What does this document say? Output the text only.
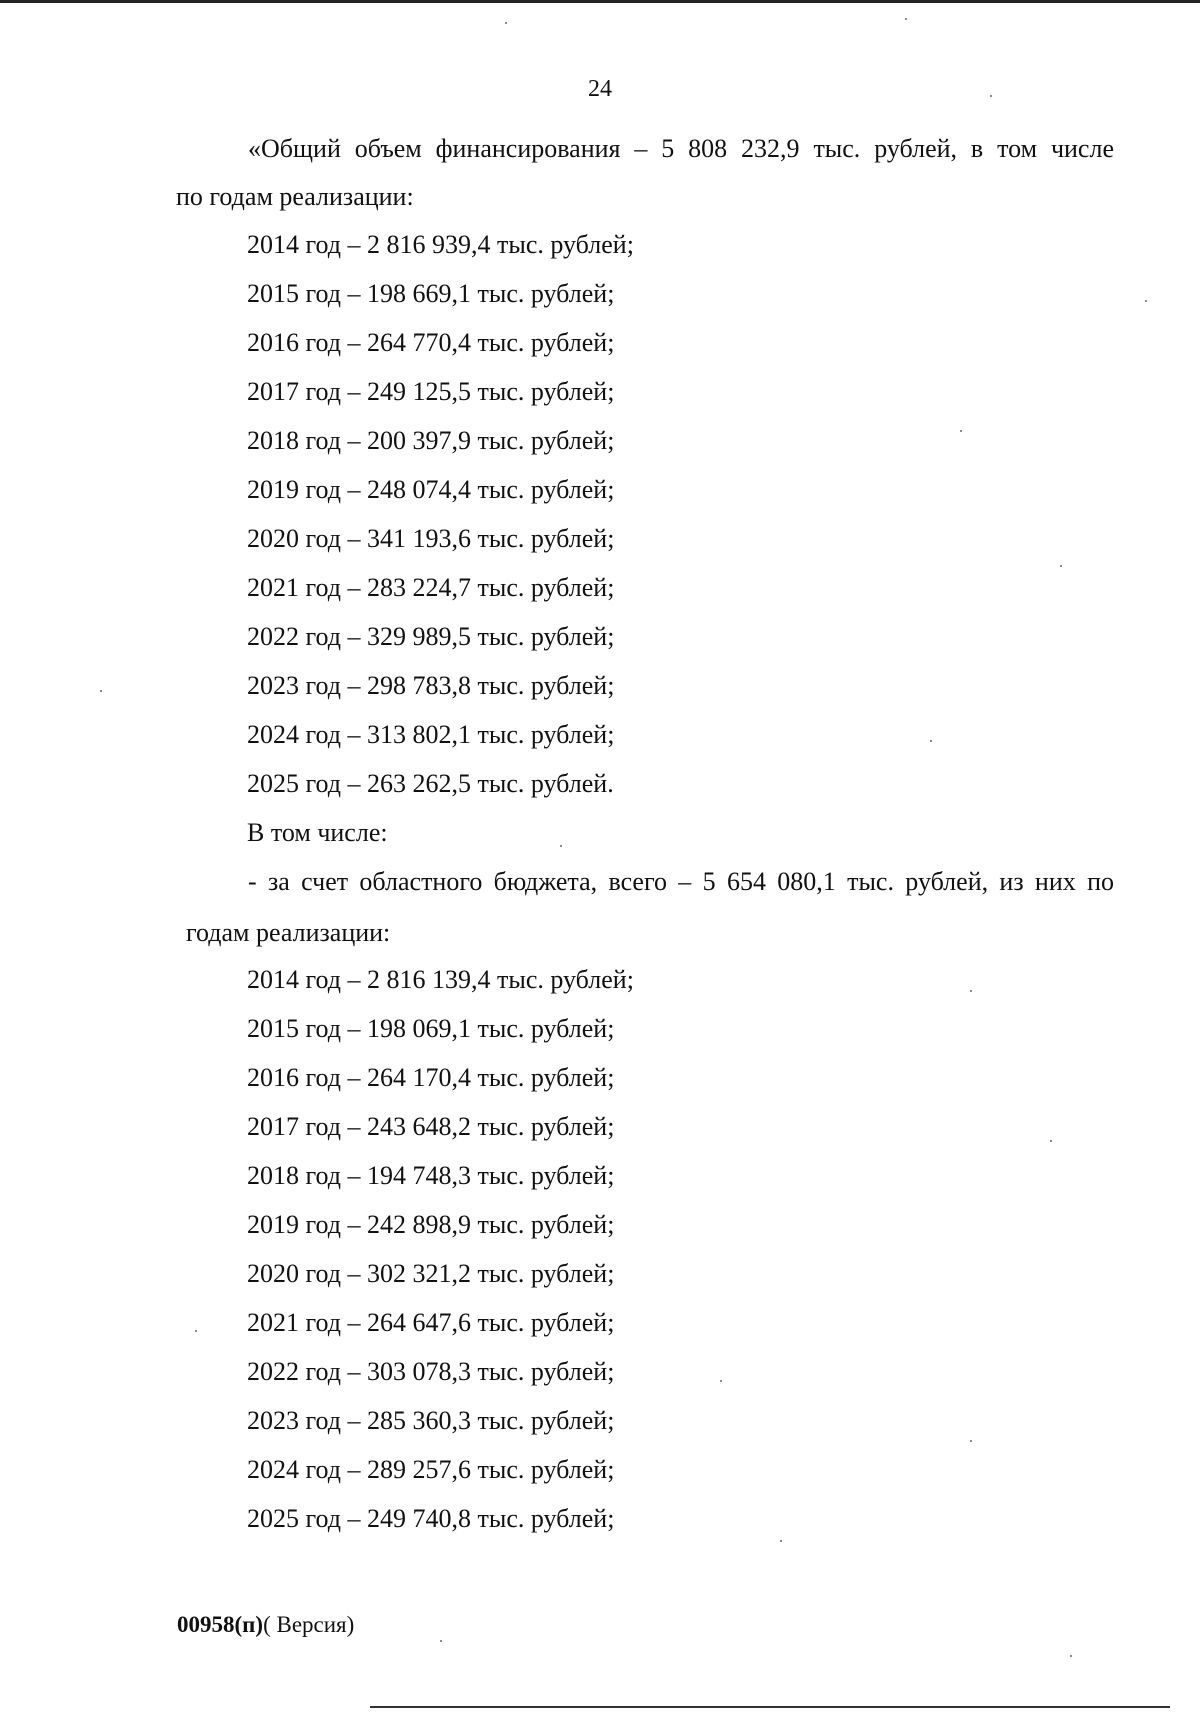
24
«Общий объем финансирования – 5 808 232,9 тыс. рублей, в том числе
по годам реализации:
2014 год – 2 816 939,4 тыс. рублей;
2015 год – 198 669,1 тыс. рублей;
2016 год – 264 770,4 тыс. рублей;
2017 год – 249 125,5 тыс. рублей;
2018 год – 200 397,9 тыс. рублей;
2019 год – 248 074,4 тыс. рублей;
2020 год – 341 193,6 тыс. рублей;
2021 год – 283 224,7 тыс. рублей;
2022 год – 329 989,5 тыс. рублей;
2023 год – 298 783,8 тыс. рублей;
2024 год – 313 802,1 тыс. рублей;
2025 год – 263 262,5 тыс. рублей.
В том числе:
- за счет областного бюджета, всего – 5 654 080,1 тыс. рублей, из них по
годам реализации:
2014 год – 2 816 139,4 тыс. рублей;
2015 год – 198 069,1 тыс. рублей;
2016 год – 264 170,4 тыс. рублей;
2017 год – 243 648,2 тыс. рублей;
2018 год – 194 748,3 тыс. рублей;
2019 год – 242 898,9 тыс. рублей;
2020 год – 302 321,2 тыс. рублей;
2021 год – 264 647,6 тыс. рублей;
2022 год – 303 078,3 тыс. рублей;
2023 год – 285 360,3 тыс. рублей;
2024 год – 289 257,6 тыс. рублей;
2025 год – 249 740,8 тыс. рублей;
00958(п)( Версия)
